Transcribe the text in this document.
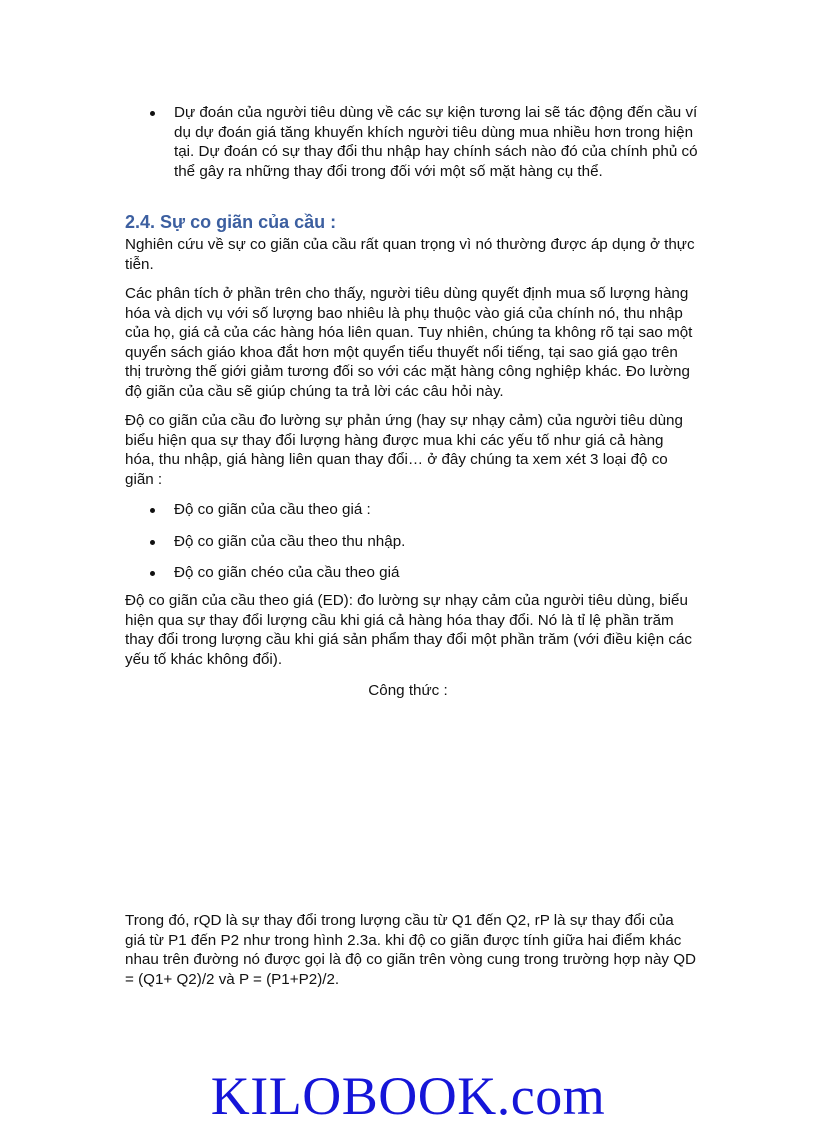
Dự đoán của người tiêu dùng về các sự kiện tương lai sẽ tác động đến cầu ví dụ dự đoán giá tăng khuyến khích người tiêu dùng mua nhiều hơn trong hiện tại. Dự đoán có sự thay đổi thu nhập hay chính sách nào đó của chính phủ có thể gây ra những thay đổi trong đối với một số mặt hàng cụ thể.
2.4. Sự co giãn của cầu :

Nghiên cứu về sự co giãn của cầu rất quan trọng vì nó thường được áp dụng ở thực tiễn.

Các phân tích ở phần trên cho thấy, người tiêu dùng quyết định mua số lượng hàng hóa và dịch vụ với số lượng bao nhiêu là phụ thuộc vào giá của chính nó, thu nhập của họ, giá cả của các hàng hóa liên quan. Tuy nhiên, chúng ta không rõ tại sao một quyển sách giáo khoa đắt hơn một quyển tiểu thuyết nổi tiếng, tại sao giá gạo trên thị trường thế giới giảm tương đối so với các mặt hàng công nghiệp khác. Đo lường độ giãn của cầu sẽ giúp chúng ta trả lời các câu hỏi này.

Độ co giãn của cầu đo lường sự phản ứng (hay sự nhạy cảm) của người tiêu dùng biểu hiện qua sự thay đổi lượng hàng được mua khi các yếu tố như giá cả hàng hóa, thu nhập, giá hàng liên quan thay đổi… ở đây chúng ta xem xét 3 loại độ co giãn :

Độ co giãn của cầu theo giá :
Độ co giãn của cầu theo thu nhập.
Độ co giãn chéo của cầu theo giá

Độ co giãn của cầu theo giá (ED): đo lường sự nhạy cảm của người tiêu dùng, biểu hiện qua sự thay đổi lượng cầu khi giá cả hàng hóa thay đổi. Nó là tỉ lệ phần trăm thay đổi trong lượng cầu khi giá sản phẩm thay đổi một phần trăm (với điều kiện các yếu tố khác không đổi).

Công thức :

Trong đó, rQD là sự thay đổi trong lượng cầu từ Q1 đến Q2, rP là sự thay đổi của giá từ P1 đến P2 như trong hình 2.3a. khi độ co giãn được tính giữa hai điểm khác nhau trên đường nó được gọi là độ co giãn trên vòng cung trong trường hợp này QD = (Q1+ Q2)/2 và P = (P1+P2)/2.

KILOBOOK.com
